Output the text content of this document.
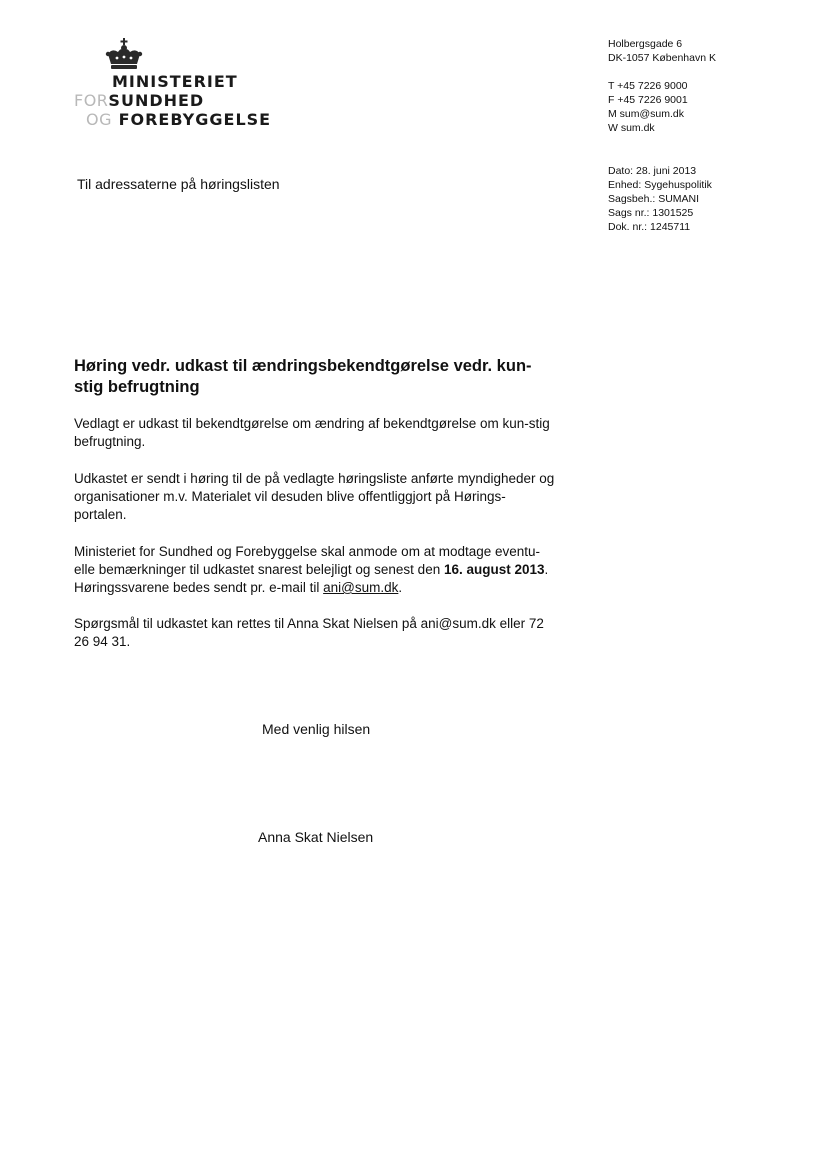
MINISTERIET
FORSUNDHED
OG FOREBYGGELSE
Holbergsgade 6
DK-1057 København K
T +45 7226 9000
F +45 7226 9001
M sum@sum.dk
W sum.dk
Dato: 28. juni 2013
Enhed: Sygehuspolitik
Sagsbeh.: SUMANI
Sags nr.: 1301525
Dok. nr.: 1245711
Til adressaterne på høringslisten
Høring vedr. udkast til ændringsbekendtgørelse vedr. kun-stig befrugtning
Vedlagt er udkast til bekendtgørelse om ændring af bekendtgørelse om kun-stig befrugtning.
Udkastet er sendt i høring til de på vedlagte høringsliste anførte myndigheder og organisationer m.v. Materialet vil desuden blive offentliggjort på Hørings-portalen.
Ministeriet for Sundhed og Forebyggelse skal anmode om at modtage eventu-elle bemærkninger til udkastet snarest belejligt og senest den 16. august 2013. Høringssvarene bedes sendt pr. e-mail til ani@sum.dk.
Spørgsmål til udkastet kan rettes til Anna Skat Nielsen på ani@sum.dk eller 72 26 94 31.
Med venlig hilsen
Anna Skat Nielsen
